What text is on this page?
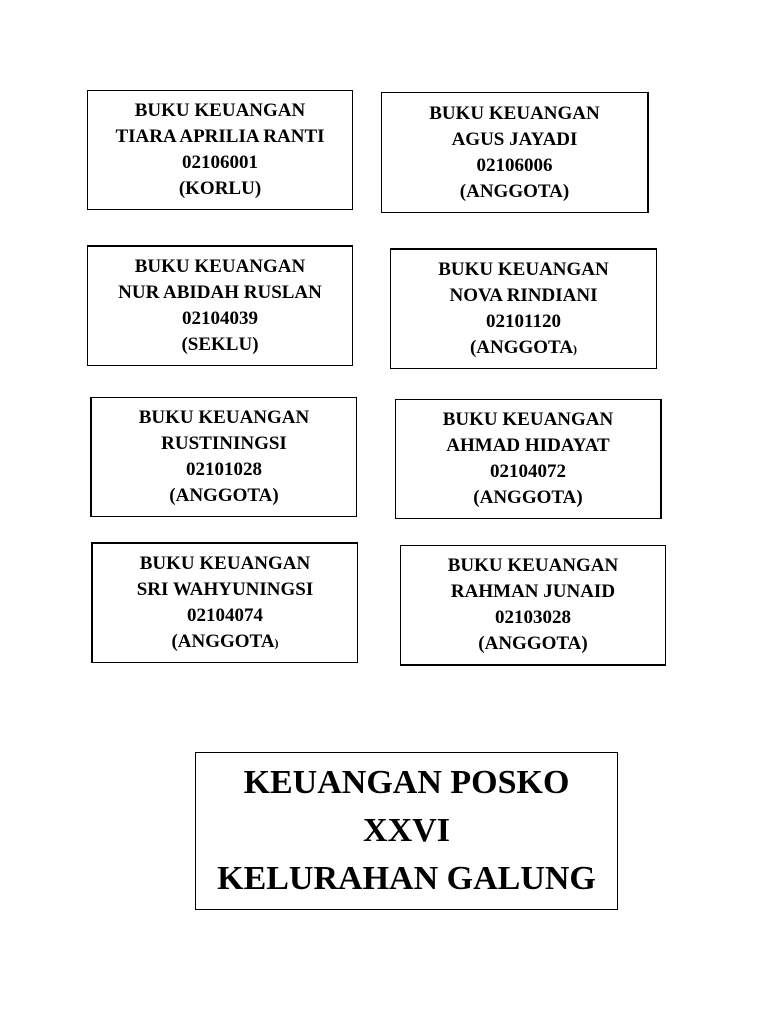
BUKU KEUANGAN
TIARA APRILIA RANTI
02106001
(KORLU)
BUKU KEUANGAN
AGUS JAYADI
02106006
(ANGGOTA)
BUKU KEUANGAN
NUR ABIDAH RUSLAN
02104039
(SEKLU)
BUKU KEUANGAN
NOVA RINDIANI
02101120
(ANGGOTA)
BUKU KEUANGAN
RUSTININGSI
02101028
(ANGGOTA)
BUKU KEUANGAN
AHMAD HIDAYAT
02104072
(ANGGOTA)
BUKU KEUANGAN
SRI WAHYUNINGSI
02104074
(ANGGOTA)
BUKU KEUANGAN
RAHMAN JUNAID
02103028
(ANGGOTA)
KEUANGAN POSKO
XXVI
KELURAHAN GALUNG
